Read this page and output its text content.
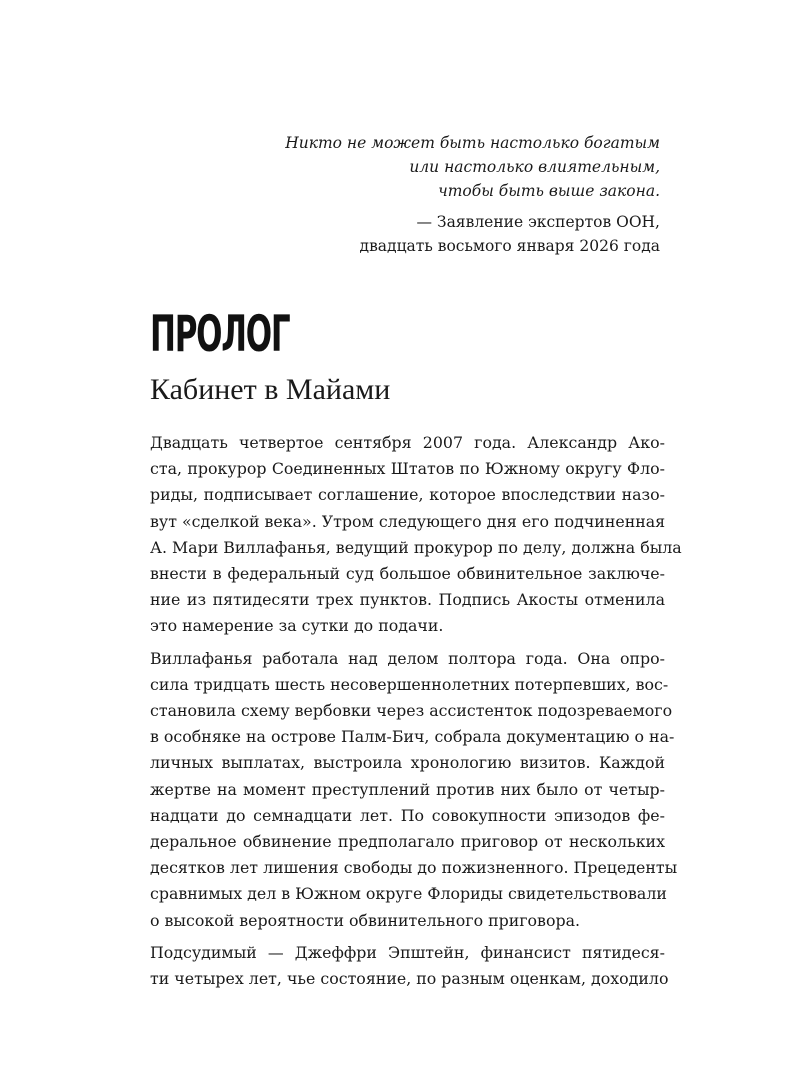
Никто не может быть настолько богатым
или настолько влиятельным,
чтобы быть выше закона.
— Заявление экспертов ООН,
двадцать восьмого января 2026 года
ПРОЛОГ
Кабинет в Майами
Двадцать четвертое сентября 2007 года. Александр Ако-
ста, прокурор Соединенных Штатов по Южному округу Фло-
риды, подписывает соглашение, которое впоследствии назо-
вут «сделкой века». Утром следующего дня его подчиненная
А. Мари Виллафанья, ведущий прокурор по делу, должна была
внести в федеральный суд большое обвинительное заключе-
ние из пятидесяти трех пунктов. Подпись Акосты отменила
это намерение за сутки до подачи.
Виллафанья работала над делом полтора года. Она опро-
сила тридцать шесть несовершеннолетних потерпевших, вос-
становила схему вербовки через ассистенток подозреваемого
в особняке на острове Палм-Бич, собрала документацию о на-
личных выплатах, выстроила хронологию визитов. Каждой
жертве на момент преступлений против них было от четыр-
надцати до семнадцати лет. По совокупности эпизодов фе-
деральное обвинение предполагало приговор от нескольких
десятков лет лишения свободы до пожизненного. Прецеденты
сравнимых дел в Южном округе Флориды свидетельствовали
о высокой вероятности обвинительного приговора.
Подсудимый — Джеффри Эпштейн, финансист пятидеся-
ти четырех лет, чье состояние, по разным оценкам, доходило
